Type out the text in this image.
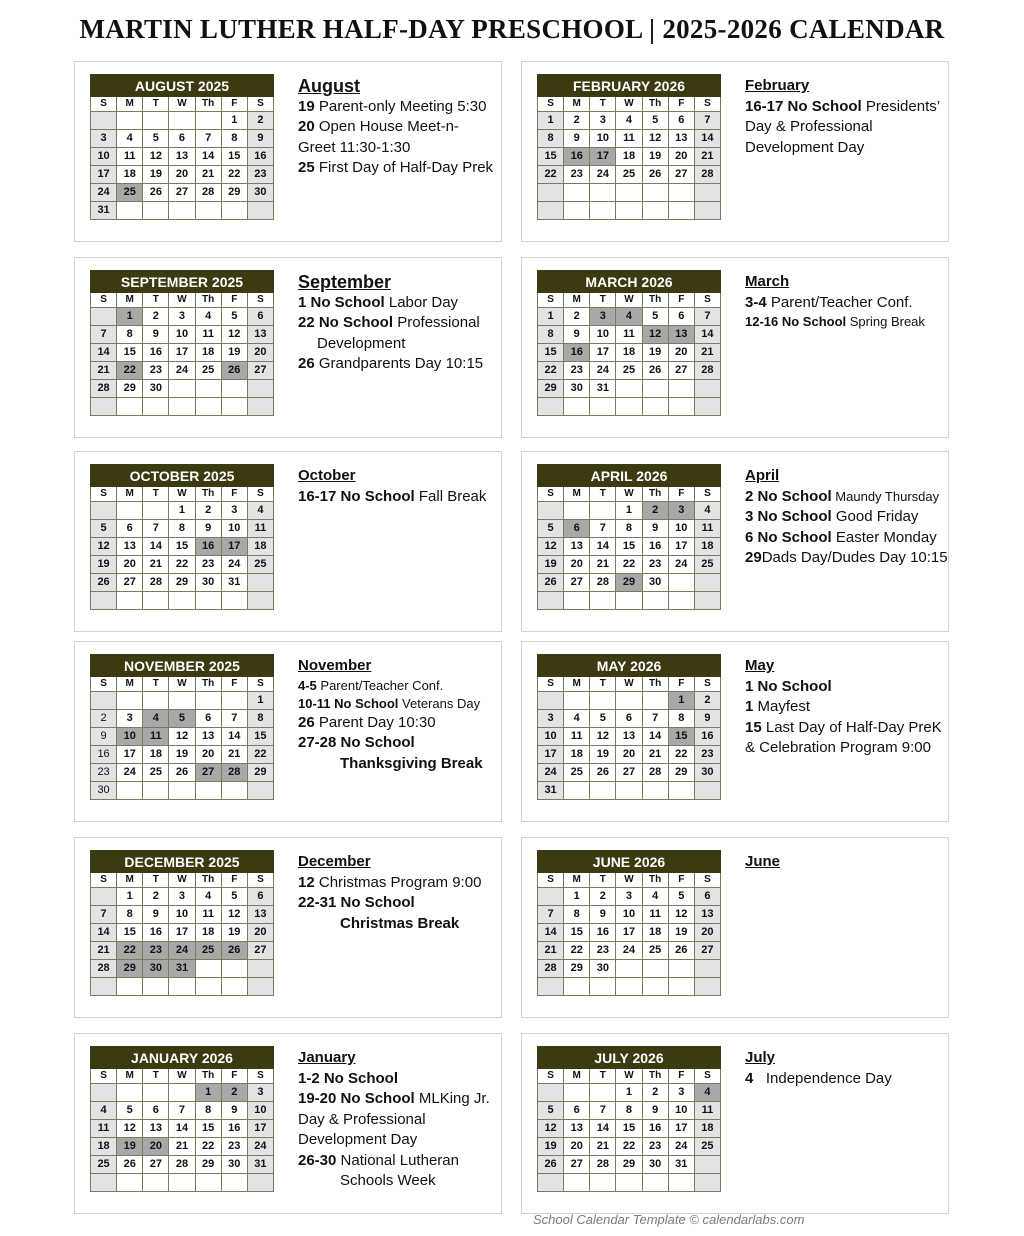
MARTIN LUTHER HALF-DAY PRESCHOOL | 2025-2026 CALENDAR
AUGUST 2025						
S	M	T	W	Th	F	S
					1	2
3	4	5	6	7	8	9
10	11	12	13	14	15	16
17	18	19	20	21	22	23
24	25	26	27	28	29	30
31						
August
19 Parent-only Meeting 5:30
20 Open House Meet-n-
Greet 11:30-1:30
25 First Day of Half-Day Prek
FEBRUARY 2026						
S	M	T	W	Th	F	S
1	2	3	4	5	6	7
8	9	10	11	12	13	14
15	16	17	18	19	20	21
22	23	24	25	26	27	28

February
16-17 No School Presidents’
Day & Professional
Development Day
SEPTEMBER 2025						
S	M	T	W	Th	F	S
	1	2	3	4	5	6
7	8	9	10	11	12	13
14	15	16	17	18	19	20
21	22	23	24	25	26	27
28	29	30				

September
1 No School Labor Day
22 No School Professional
Development
26 Grandparents Day 10:15
MARCH 2026						
S	M	T	W	Th	F	S
1	2	3	4	5	6	7
8	9	10	11	12	13	14
15	16	17	18	19	20	21
22	23	24	25	26	27	28
29	30	31				

March
3-4 Parent/Teacher Conf.
12-16 No School Spring Break
OCTOBER 2025						
S	M	T	W	Th	F	S
			1	2	3	4
5	6	7	8	9	10	11
12	13	14	15	16	17	18
19	20	21	22	23	24	25
26	27	28	29	30	31	

October
16-17 No School Fall Break
APRIL 2026						
S	M	T	W	Th	F	S
			1	2	3	4
5	6	7	8	9	10	11
12	13	14	15	16	17	18
19	20	21	22	23	24	25
26	27	28	29	30		

April
2 No School Maundy Thursday
3 No School Good Friday
6 No School Easter Monday
29Dads Day/Dudes Day 10:15
NOVEMBER 2025						
S	M	T	W	Th	F	S
						1
2	3	4	5	6	7	8
9	10	11	12	13	14	15
16	17	18	19	20	21	22
23	24	25	26	27	28	29
30						
November
4-5 Parent/Teacher Conf.
10-11 No School Veterans Day
26 Parent Day 10:30
27-28 No School
Thanksgiving Break
MAY 2026						
S	M	T	W	Th	F	S
					1	2
3	4	5	6	7	8	9
10	11	12	13	14	15	16
17	18	19	20	21	22	23
24	25	26	27	28	29	30
31						
May
1 No School
1 Mayfest
15 Last Day of Half-Day PreK
& Celebration Program 9:00
DECEMBER 2025						
S	M	T	W	Th	F	S
	1	2	3	4	5	6
7	8	9	10	11	12	13
14	15	16	17	18	19	20
21	22	23	24	25	26	27
28	29	30	31			

December
12 Christmas Program 9:00
22-31 No School
Christmas Break
JUNE 2026						
S	M	T	W	Th	F	S
	1	2	3	4	5	6
7	8	9	10	11	12	13
14	15	16	17	18	19	20
21	22	23	24	25	26	27
28	29	30				

June
JANUARY 2026						
S	M	T	W	Th	F	S
				1	2	3
4	5	6	7	8	9	10
11	12	13	14	15	16	17
18	19	20	21	22	23	24
25	26	27	28	29	30	31

January
1-2 No School
19-20 No School MLKing Jr.
Day & Professional
Development Day
26-30 National Lutheran
Schools Week
JULY 2026						
S	M	T	W	Th	F	S
			1	2	3	4
5	6	7	8	9	10	11
12	13	14	15	16	17	18
19	20	21	22	23	24	25
26	27	28	29	30	31	

July
4   Independence Day
School Calendar Template © calendarlabs.com
